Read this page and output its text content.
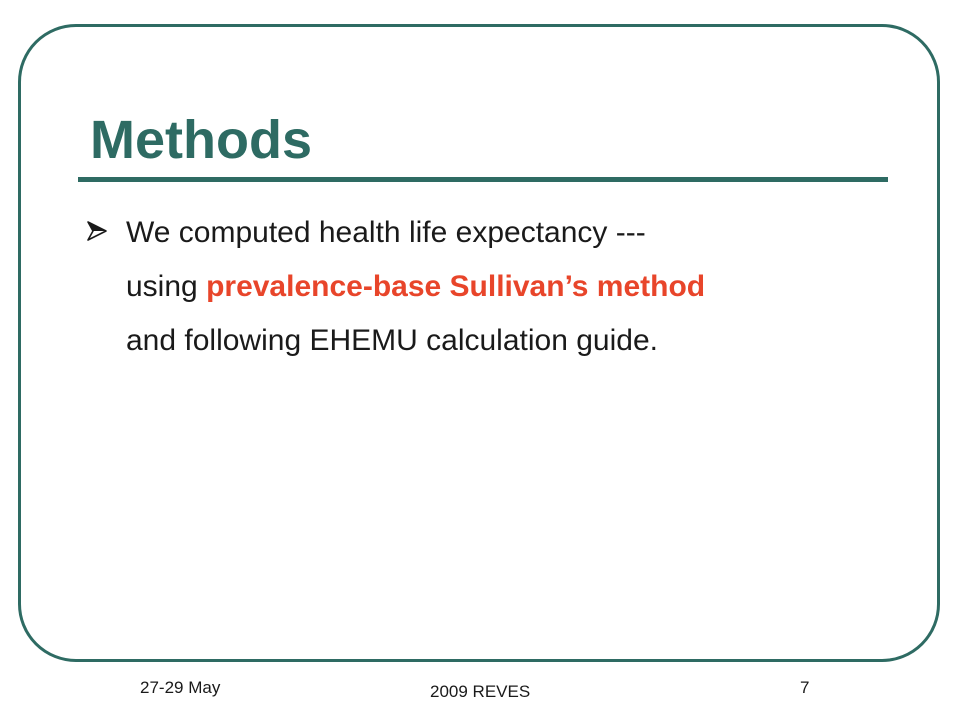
Methods

We computed health life expectancy ---
using prevalence-base Sullivan’s method
and following EHEMU calculation guide.

27-29 May	2009 REVES	7
